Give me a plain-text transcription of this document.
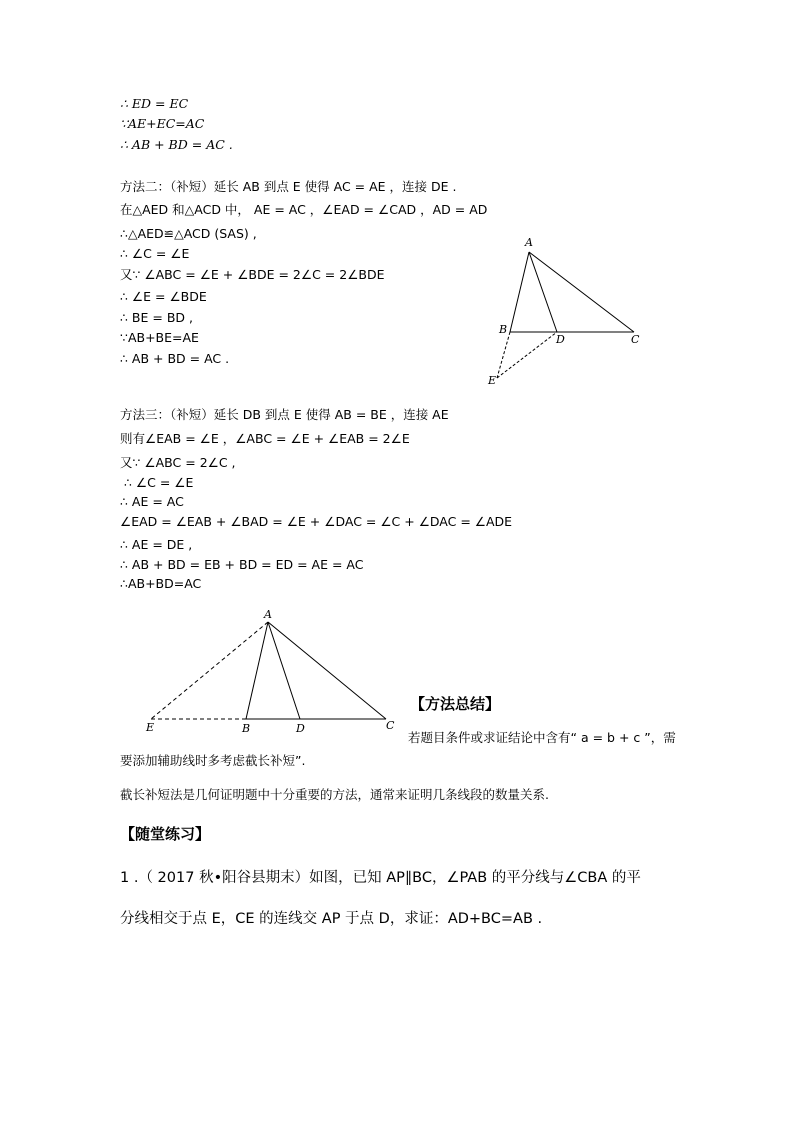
∴ ED = EC
∵AE+EC=AC
∴ AB + BD = AC .
方法二：（补短）延长 AB 到点 E 使得 AC = AE ，连接 DE .
在△AED 和△ACD 中， AE = AC ，∠EAD = ∠CAD ，AD = AD
∴△AED≌△ACD (SAS) ,
∴ ∠C = ∠E
又∵ ∠ABC = ∠E + ∠BDE = 2∠C = 2∠BDE
∴ ∠E = ∠BDE
∴ BE = BD ,
∵AB+BE=AE
∴ AB + BD = AC .
A
B
D	C
E
方法三：（补短）延长 DB 到点 E 使得 AB = BE ，连接 AE
则有∠EAB = ∠E ，∠ABC = ∠E + ∠EAB = 2∠E
又∵ ∠ABC = 2∠C ,
∴ ∠C = ∠E
∴ AE = AC
∠EAD = ∠EAB + ∠BAD = ∠E + ∠DAC = ∠C + ∠DAC = ∠ADE
∴ AE = DE ,
∴ AB + BD = EB + BD = ED = AE = AC
∴AB+BD=AC
A
E	B	D	C
【方法总结】
若题目条件或求证结论中含有“ a = b + c ”，需
要添加辅助线时多考虑截长补短”.
截长补短法是几何证明题中十分重要的方法，通常来证明几条线段的数量关系.
【随堂练习】
1 .（ 2017 秋•阳谷县期末）如图，已知 AP∥BC，∠PAB 的平分线与∠CBA 的平
分线相交于点 E，CE 的连线交 AP 于点 D，求证：AD+BC=AB .
